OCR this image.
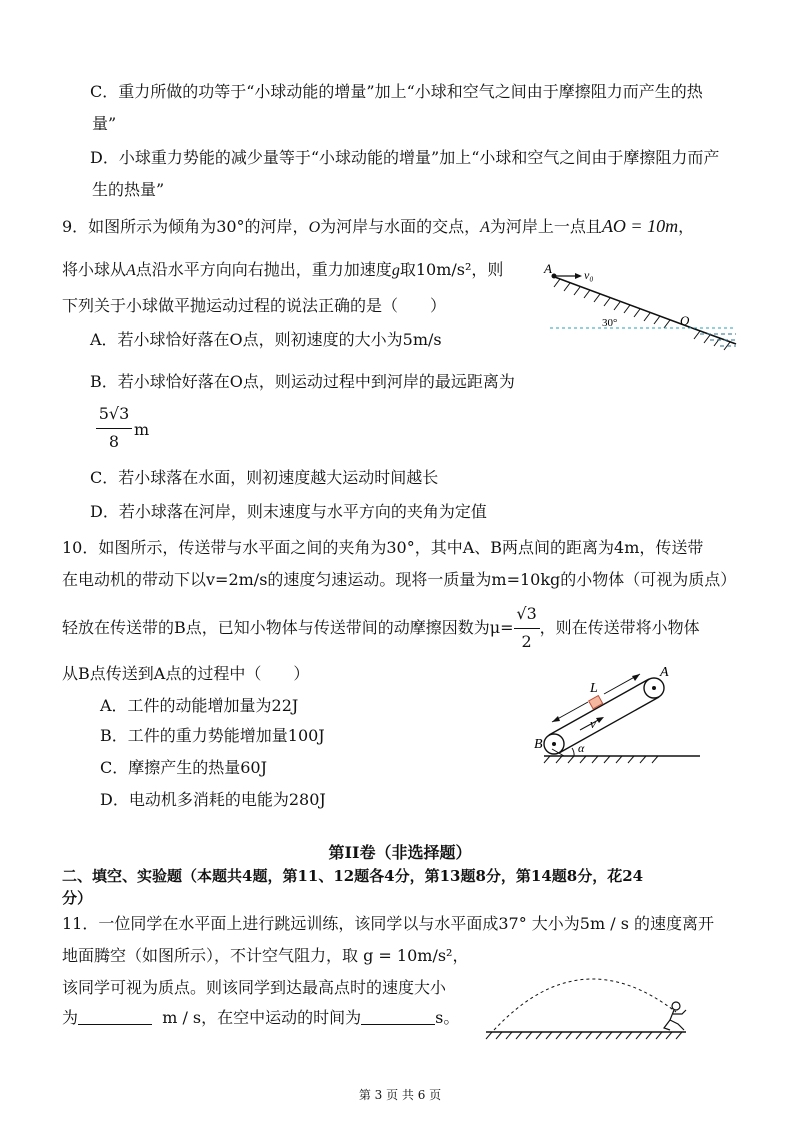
C．重力所做的功等于“小球动能的增量”加上“小球和空气之间由于摩擦阻力而产生的热
量”
D．小球重力势能的减少量等于“小球动能的增量”加上“小球和空气之间由于摩擦阻力而产
生的热量”
9．如图所示为倾角为30°的河岸，O为河岸与水面的交点，A为河岸上一点且AO = 10m，
将小球从A点沿水平方向向右抛出，重力加速度g取10m/s²，则
下列关于小球做平抛运动过程的说法正确的是（　　）
A．若小球恰好落在O点，则初速度的大小为5m/s
B．若小球恰好落在O点，则运动过程中到河岸的最远距离为
5√3
8
m
C．若小球落在水面，则初速度越大运动时间越长
D．若小球落在河岸，则末速度与水平方向的夹角为定值
A	v₀
30°	O
10．如图所示，传送带与水平面之间的夹角为30°，其中A、B两点间的距离为4m，传送带
在电动机的带动下以v=2m/s的速度匀速运动。现将一质量为m=10kg的小物体（可视为质点）
轻放在传送带的B点，已知小物体与传送带间的动摩擦因数为$\mu= \frac{√3}{2}$ ，则在传送带将小物体
从B点传送到A点的过程中（　　）
A．工件的动能增加量为22J
B．工件的重力势能增加量100J
C．摩擦产生的热量60J
D．电动机多消耗的电能为280J
A
B
L
v
α
第II卷（非选择题）
二、填空、实验题（本题共4题，第11、12题各4分，第13题8分，第14题8分，花24
分）
11．一位同学在水平面上进行跳远训练，该同学以与水平面成37° 大小为5m / s 的速度离开
地面腾空（如图所示），不计空气阻力，取 g = 10m/s²，
该同学可视为质点。则该同学到达最高点时的速度大小
为	m / s，在空中运动的时间为	s。
第 3 页 共 6 页
